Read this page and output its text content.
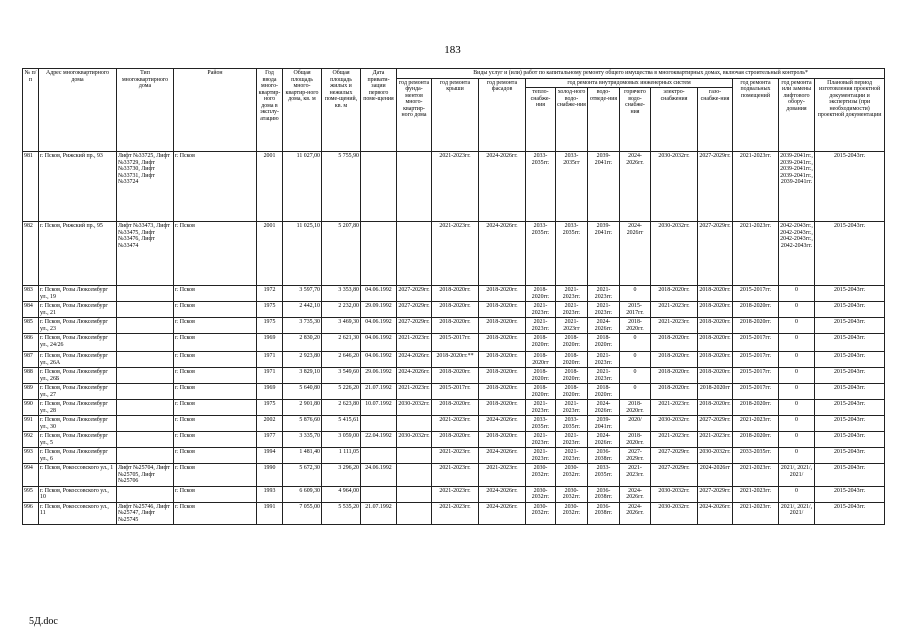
183
№ п/п	Адрес многоквартирного дома	Тип многоквартирного дома	Район	Год ввода много-квартир-ного дома в эксплу-атацию	Общая площадь много-квартир-ного дома, кв. м	Общая площадь жилых и нежилых поме-щений, кв. м	Дата привати-зации первого поме-щения	Виды услуг и (или) работ по капитальному ремонту общего имущества в многоквартирных домах, включая строительный контроль*											
								год ремонта фунда-ментов много-квартир-ного дома	год ремонта крыши	год ремонта фасадов	год ремонта внутридомовых инженерных систем						год ремонта подвальных помещений	год ремонта или замены лифтового обору-дования	Плановый период изготовления проектной документации и экспертизы (при необходимости) проектной документации
											тепло-снабже-ния	холод-ного водо-снабже-ния	водо-отведе-ния	горячего водо-снабже-ния	электро-снабжения	газо-снабже-ния			
981	г. Псков, Рижский пр., 93	Лифт №33725, Лифт №33729, Лифт №33730, Лифт №33731, Лифт №33724	г. Псков	2001	11 027,00	5 755,90			2021-2023гг.	2024-2026гг.	2033-2035гг.	2033-2035гг	2039-2041гг.	2024-2026гг.	2030-2032гг.	2027-2029гг.	2021-2023гг.	2039-2041гг., 2039-2041гг., 2039-2041гг., 2039-2041гг., 2039-2041гг.	2015-2043гг.
982	г. Псков, Рижский пр., 95	Лифт №33473, Лифт №33475, Лифт №33476, Лифт №33474	г. Псков	2001	11 025,10	5 207,80			2021-2023гг.	2024-2026гг.	2033-2035гг.	2033-2035гг.	2039-2041гг.	2024-2026гг	2030-2032гг.	2027-2029гг.	2021-2023гг.	2042-2043гг., 2042-2043гг., 2042-2043гг., 2042-2043гг.	2015-2043гг.
983	г. Псков, Розы Люксембург ул., 19		г. Псков	1972	3 597,70	3 353,80	04.06.1992	2027-2029гг.	2018-2020гг.	2018-2020гг.	2018-2020гг.	2021-2023гг.	2021-2023гг.	0	2018-2020гг.	2018-2020гг.	2015-2017гг.	0	2015-2043гг.
984	г. Псков, Розы Люксембург ул., 21		г. Псков	1975	2 442,10	2 232,00	29.09.1992	2027-2029гг.	2018-2020гг.	2018-2020гг.	2021-2023гг.	2021-2023гг.	2021-2023гг.	2015-2017гг.	2021-2023гг.	2018-2020гг.	2018-2020гг.	0	2015-2043гг.
985	г. Псков, Розы Люксембург ул., 23		г. Псков	1975	3 735,30	3 469,30	04.06.1992	2027-2029гг.	2018-2020гг.	2018-2020гг.	2021-2023гг.	2021-2023гг	2024-2026гг.	2018-2020гг.	2021-2023гг.	2018-2020гг.	2018-2020гг.	0	2015-2043гг.
986	г. Псков, Розы Люксембург ул., 24/26		г. Псков	1969	2 830,20	2 621,30	04.06.1992	2021-2023гг.	2015-2017гг.	2018-2020гг.	2018-2020гг.	2018-2020гг.	2018-2020гг.	0	2018-2020гг.	2018-2020гг.	2015-2017гг.	0	2015-2043гг.
987	г. Псков, Розы Люксембург ул., 26А		г. Псков	1971	2 923,80	2 646,20	04.06.1992	2024-2026гг.	2018-2020гг.**	2018-2020гг.	2018-2020гг	2018-2020гг.	2021-2023гг.	0	2018-2020гг.	2018-2020гг.	2015-2017гг.	0	2015-2043гг.
988	г. Псков, Розы Люксембург ул., 26Б		г. Псков	1971	3 829,10	3 549,60	29.06.1992	2024-2026гг.	2018-2020гг.	2018-2020гг.	2018-2020гг.	2018-2020гг.	2021-2023гг.	0	2018-2020гг.	2018-2020гг.	2015-2017гг.	0	2015-2043гг.
989	г. Псков, Розы Люксембург ул., 27		г. Псков	1969	5 640,80	5 226,20	21.07.1992	2021-2023гг.	2015-2017гг.	2018-2020гг.	2018-2020гг.	2018-2020гг.	2018-2020гг.	0	2018-2020гг.	2018-2020гг	2015-2017гг.	0	2015-2043гг.
990	г. Псков, Розы Люксембург ул., 28		г. Псков	1975	2 901,80	2 623,80	10.07.1992	2030-2032гг.	2018-2020гг.	2018-2020гг.	2021-2023гг.	2021-2023гг.	2024-2026гг.	2018-2020гг.	2021-2023гг.	2018-2020гг.	2018-2020гг.	0	2015-2043гг.
991	г. Псков, Розы Люксембург ул., 30		г. Псков	2002	5 876,60	5 415,61			2021-2023гг.	2024-2026гг.	2033-2035гг.	2033-2035гг.	2039-2041гг.	2020/	2030-2032гг.	2027-2029гг.	2021-2023гг.	0	2015-2043гг.
992	г. Псков, Розы Люксембург ул., 5		г. Псков	1977	3 335,70	3 059,00	22.04.1992	2030-2032гг.	2018-2020гг.	2018-2020гг.	2021-2023гг.	2021-2023гг.	2024-2026гг.	2018-2020гг.	2021-2023гг.	2021-2023гг.	2018-2020гг.	0	2015-2043гг.
993	г. Псков, Розы Люксембург ул., 6		г. Псков	1994	1 481,40	1 111,05			2021-2023гг.	2024-2026гг.	2021-2023гг.	2021-2023гг.	2036-2038гг.	2027-2029гг.	2027-2029гг.	2030-2032гг.	2033-2035гг.	0	2015-2043гг.
994	г. Псков, Рокоссовского ул., 1	Лифт №25704, Лифт №25705, Лифт №25706	г. Псков	1990	5 672,30	3 296,20	24.06.1992		2021-2023гг.	2021-2023гг.	2030-2032гг.	2030-2032гг.	2033-2035гг.	2021-2023гг.	2027-2029гг.	2024-2026гг	2021-2023гг.	2021/, 2021/, 2021/	2015-2043гг.
995	г. Псков, Рокоссовского ул., 10		г. Псков	1993	6 609,30	4 964,00			2021-2023гг.	2024-2026гг.	2030-2032гг.	2030-2032гг.	2036-2038гг.	2024-2026гг.	2030-2032гг.	2027-2029гг.	2021-2023гг.	0	2015-2043гг.
996	г. Псков, Рокоссовского ул., 11	Лифт №25746, Лифт №25747, Лифт №25745	г. Псков	1991	7 055,00	5 535,20	21.07.1992		2021-2023гг.	2024-2026гг.	2030-2032гг.	2030-2032гг.	2036-2038гг.	2024-2026гг.	2030-2032гг.	2024-2026гг.	2021-2023гг.	2021/, 2021/, 2021/	2015-2043гг.
5Д.doc
